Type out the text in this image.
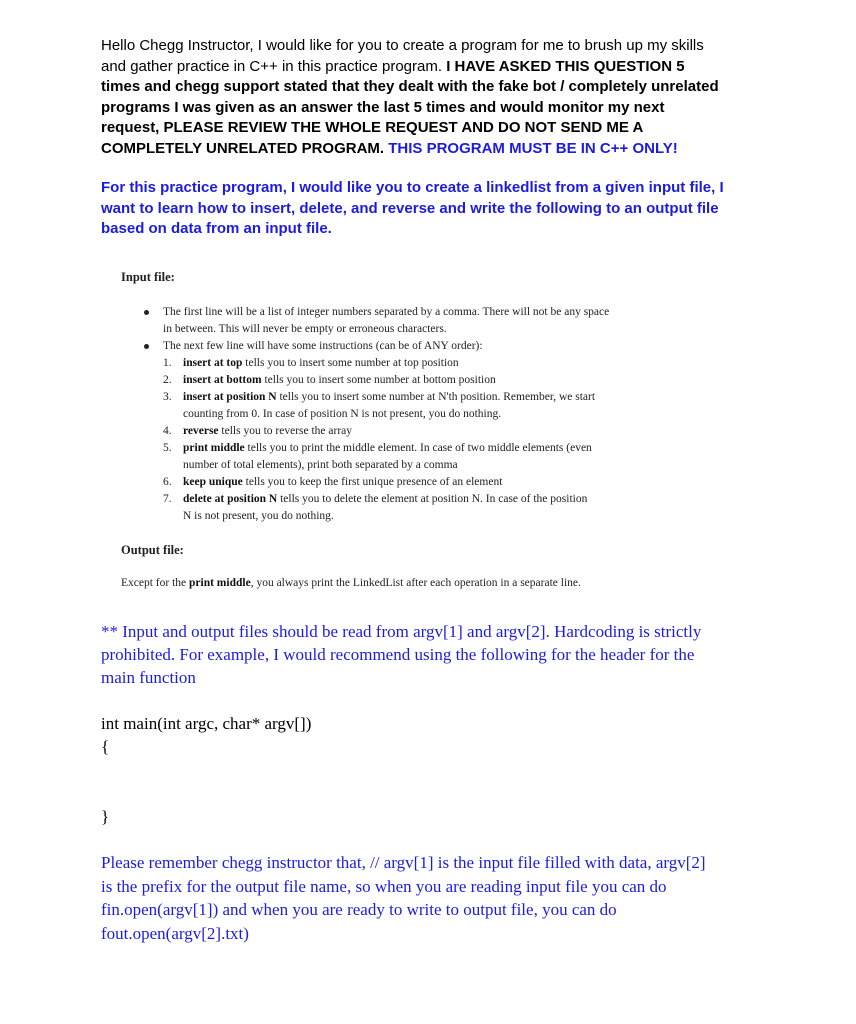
Hello Chegg Instructor, I would like for you to create a program for me to brush up my skills
and gather practice in C++ in this practice program. I HAVE ASKED THIS QUESTION 5
times and chegg support stated that they dealt with the fake bot / completely unrelated
programs I was given as an answer the last 5 times and would monitor my next
request, PLEASE REVIEW THE WHOLE REQUEST AND DO NOT SEND ME A
COMPLETELY UNRELATED PROGRAM. THIS PROGRAM MUST BE IN C++ ONLY!
For this practice program, I would like you to create a linkedlist from a given input file, I
want to learn how to insert, delete, and reverse and write the following to an output file
based on data from an input file.
Input file:
The first line will be a list of integer numbers separated by a comma. There will not be any space
in between. This will never be empty or erroneous characters.
The next few line will have some instructions (can be of ANY order):
1. insert at top tells you to insert some number at top position
2. insert at bottom tells you to insert some number at bottom position
3. insert at position N tells you to insert some number at N'th position. Remember, we start
counting from 0. In case of position N is not present, you do nothing.
4. reverse tells you to reverse the array
5. print middle tells you to print the middle element. In case of two middle elements (even
number of total elements), print both separated by a comma
6. keep unique tells you to keep the first unique presence of an element
7. delete at position N tells you to delete the element at position N. In case of the position
N is not present, you do nothing.
Output file:
Except for the print middle, you always print the LinkedList after each operation in a separate line.
** Input and output files should be read from argv[1] and argv[2]. Hardcoding is strictly
prohibited. For example, I would recommend using the following for the header for the
main function
int main(int argc, char* argv[])
{
}
Please remember chegg instructor that, // argv[1] is the input file filled with data, argv[2]
is the prefix for the output file name, so when you are reading input file you can do
fin.open(argv[1]) and when you are ready to write to output file, you can do
fout.open(argv[2].txt)
